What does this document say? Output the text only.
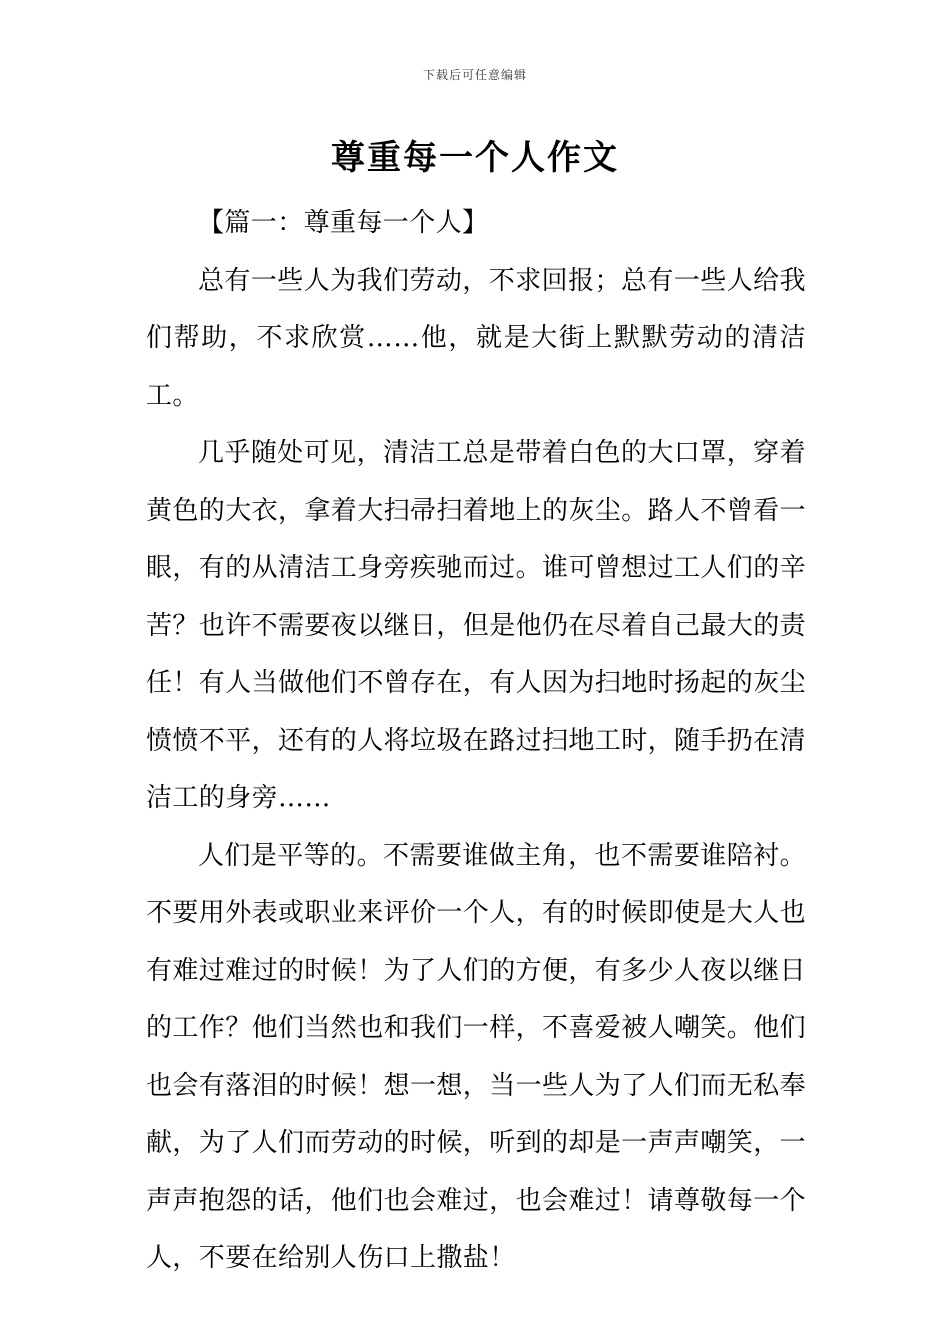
下载后可任意编辑
尊重每一个人作文

【篇一：尊重每一个人】

总有一些人为我们劳动，不求回报；总有一些人给我们帮助，不求欣赏……他，就是大街上默默劳动的清洁工。

几乎随处可见，清洁工总是带着白色的大口罩，穿着黄色的大衣，拿着大扫帚扫着地上的灰尘。路人不曾看一眼，有的从清洁工身旁疾驰而过。谁可曾想过工人们的辛苦？也许不需要夜以继日，但是他仍在尽着自己最大的责任！有人当做他们不曾存在，有人因为扫地时扬起的灰尘愤愤不平，还有的人将垃圾在路过扫地工时，随手扔在清洁工的身旁……

人们是平等的。不需要谁做主角，也不需要谁陪衬。不要用外表或职业来评价一个人，有的时候即使是大人也有难过难过的时候！为了人们的方便，有多少人夜以继日的工作？他们当然也和我们一样，不喜爱被人嘲笑。他们也会有落泪的时候！想一想，当一些人为了人们而无私奉献，为了人们而劳动的时候，听到的却是一声声嘲笑，一声声抱怨的话，他们也会难过，也会难过！请尊敬每一个人，不要在给别人伤口上撒盐！
